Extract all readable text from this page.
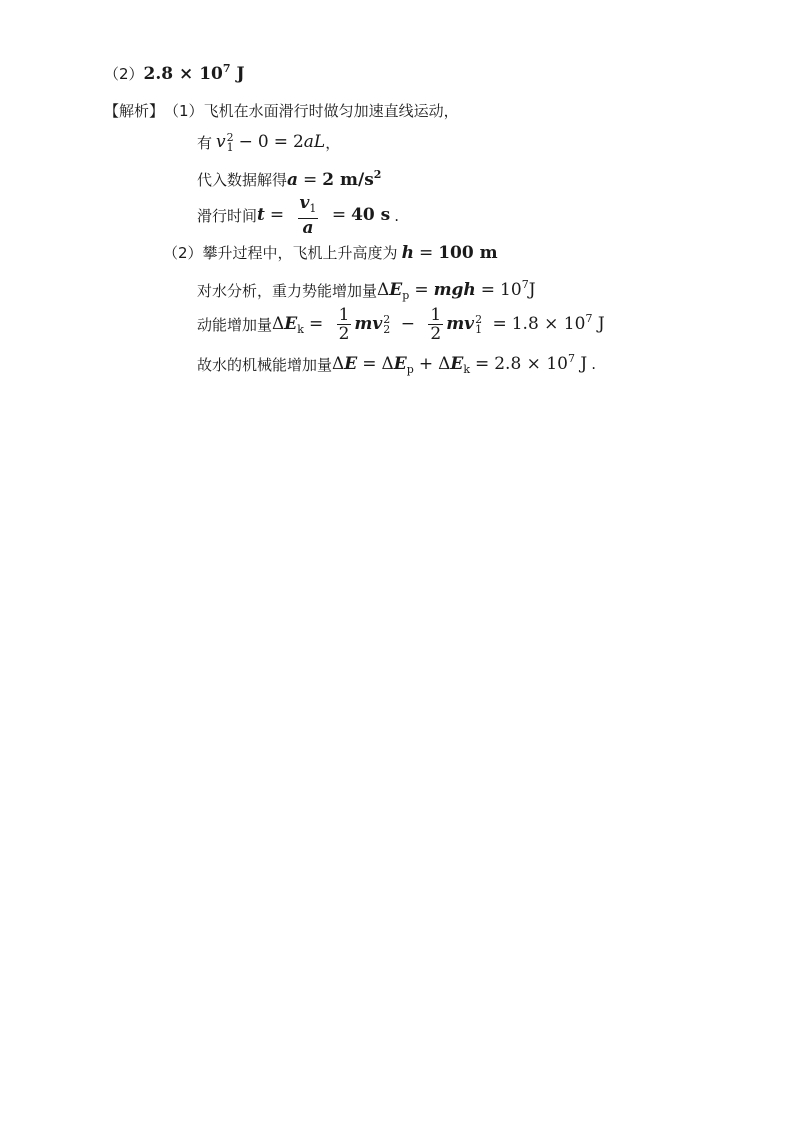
（2） $2.8 \times 10^7$ J
【解析】 （1） 飞机在水面滑行时做匀加速直线运动，
有 v 2
1 − 0 = 2aL ，
代入数据解得 a = 2 $m/s^2$
滑行时间 $t = \frac{v_1}{a} = 40$ s .
（2） 攀升过程中，飞机上升高度为 h = 100 m
对水分析，重力势能增加量 $\Delta E_p$ = mgh = $10^7J$
动能增加量 $\Delta E_k = \frac{1}{2}$ mv 2
$2 - \frac{1}{2}$ mv 2
$1 = 1.8 \times 10^7$ J
故水的机械能增加量 $\Delta E = \Delta E_p + \Delta E_k = 2.8 \times 10^7$ J .
